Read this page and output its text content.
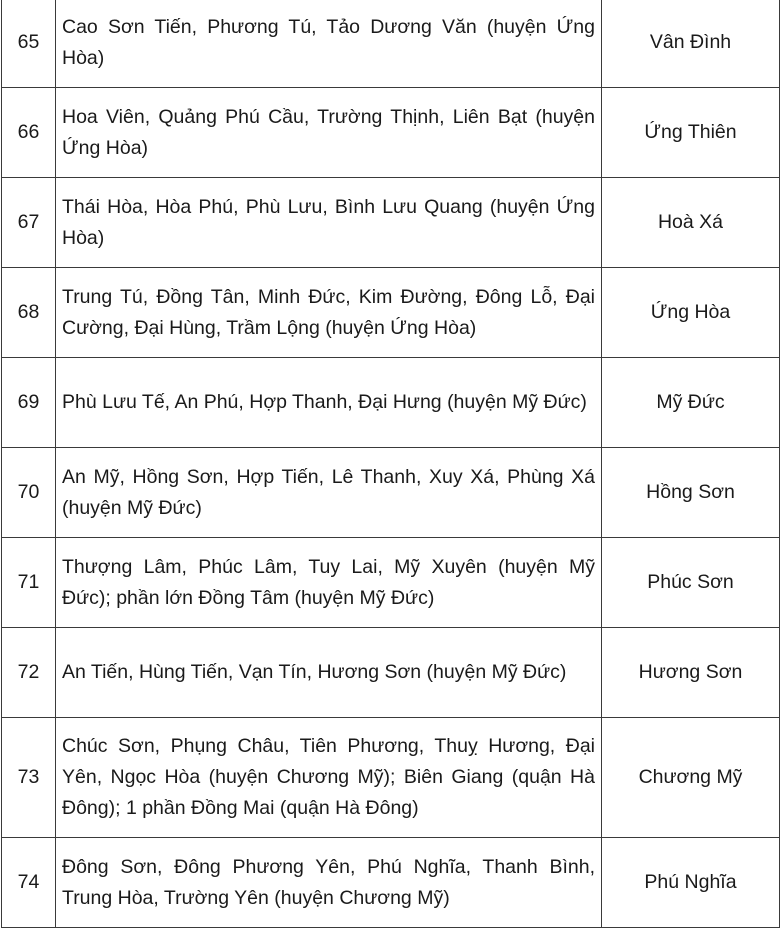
65	Cao Sơn Tiến, Phương Tú, Tảo Dương Văn (huyện Ứng Hòa)	Vân Đình
66	Hoa Viên, Quảng Phú Cầu, Trường Thịnh, Liên Bạt (huyện Ứng Hòa)	Ứng Thiên
67	Thái Hòa, Hòa Phú, Phù Lưu, Bình Lưu Quang (huyện Ứng Hòa)	Hoà Xá
68	Trung Tú, Đồng Tân, Minh Đức, Kim Đường, Đông Lỗ, Đại Cường, Đại Hùng, Trầm Lộng (huyện Ứng Hòa)	Ứng Hòa
69	Phù Lưu Tế, An Phú, Hợp Thanh, Đại Hưng (huyện Mỹ Đức)	Mỹ Đức
70	An Mỹ, Hồng Sơn, Hợp Tiến, Lê Thanh, Xuy Xá, Phùng Xá (huyện Mỹ Đức)	Hồng Sơn
71	Thượng Lâm, Phúc Lâm, Tuy Lai, Mỹ Xuyên (huyện Mỹ Đức); phần lớn Đồng Tâm (huyện Mỹ Đức)	Phúc Sơn
72	An Tiến, Hùng Tiến, Vạn Tín, Hương Sơn (huyện Mỹ Đức)	Hương Sơn
73	Chúc Sơn, Phụng Châu, Tiên Phương, Thuỵ Hương, Đại Yên, Ngọc Hòa (huyện Chương Mỹ); Biên Giang (quận Hà Đông); 1 phần Đồng Mai (quận Hà Đông)	Chương Mỹ
74	Đông Sơn, Đông Phương Yên, Phú Nghĩa, Thanh Bình, Trung Hòa, Trường Yên (huyện Chương Mỹ)	Phú Nghĩa
